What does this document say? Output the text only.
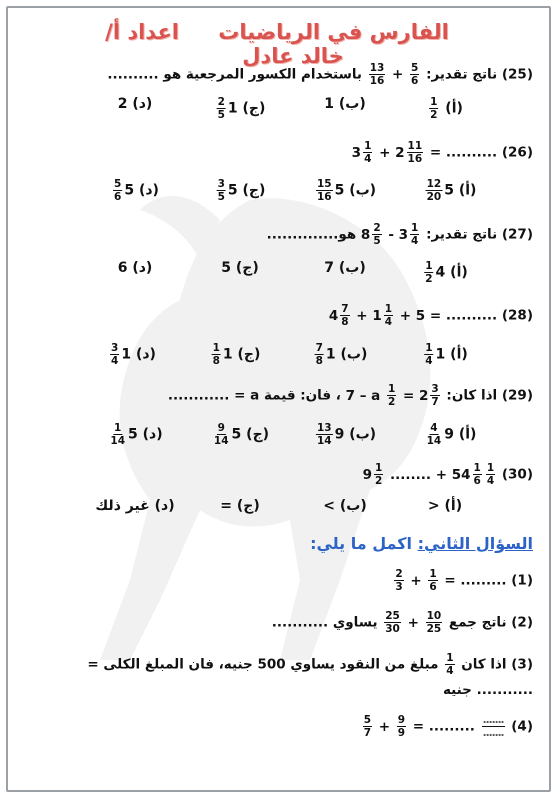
الفارس في الرياضيات اعداد أ/ خالد عادل
(25) ناتج تقدير:
$\frac{5}{6}$
+
$\frac{13}{16}$
باستخدام الكسور المرجعية هو ..........
(أ)
$\frac{1}{2}$
(ب) 1
(ج) 1
$\frac{2}{5}$
(د) 2
(26) .......... = $3 \frac{1}{4} + 2 \frac{11}{16}$
(أ) 5
$\frac{12}{20}$
(ب) 5
$\frac{15}{16}$
(ج) 5
$\frac{3}{5}$
(د) 5
$\frac{5}{6}$
(27) ناتج تقدير: $8 \frac{2}{5} - 3 \frac{1}{4}$
هو..............
(أ) 4
$\frac{1}{2}$
(ب) 7
(ج) 5
(د) 6
(28) .......... $4 \frac{7}{8} + 1 \frac{1}{4} + 5$ =
(أ) 1
$\frac{1}{4}$
(ب) 1
$\frac{7}{8}$
(ج) 1
$\frac{1}{8}$
(د) 1
$\frac{3}{4}$
(29) اذا كان: 7 – a $\frac{1}{2} = 2 \frac{3}{7}$
، فان: قيمة a = ............
(أ) 9
$\frac{4}{14}$
(ب) 9
$\frac{13}{14}$
(ج) 5
$\frac{9}{14}$
(د) 5
$\frac{1}{14}$
(30) $9 \frac{1}{2}$ ........ + $54 \frac{1}{6} \frac{1}{4}$
(أ) <
(ب) >
(ج) =
(د) غير ذلك
السؤال الثاني: اكمل ما يلي:
(1) ......... =
$\frac{2}{3} + \frac{1}{6}$
(2) ناتج جمع
$\frac{25}{30} + \frac{10}{25}$
يساوي ...........
(3) اذا كان
$\frac{1}{4}$
مبلغ من النقود يساوي 500 جنيه، فان المبلغ الكلى =
........... جنيه
(4)
$\frac{.......}{.......}$
......... =
$\frac{5}{7} + \frac{9}{9}$
